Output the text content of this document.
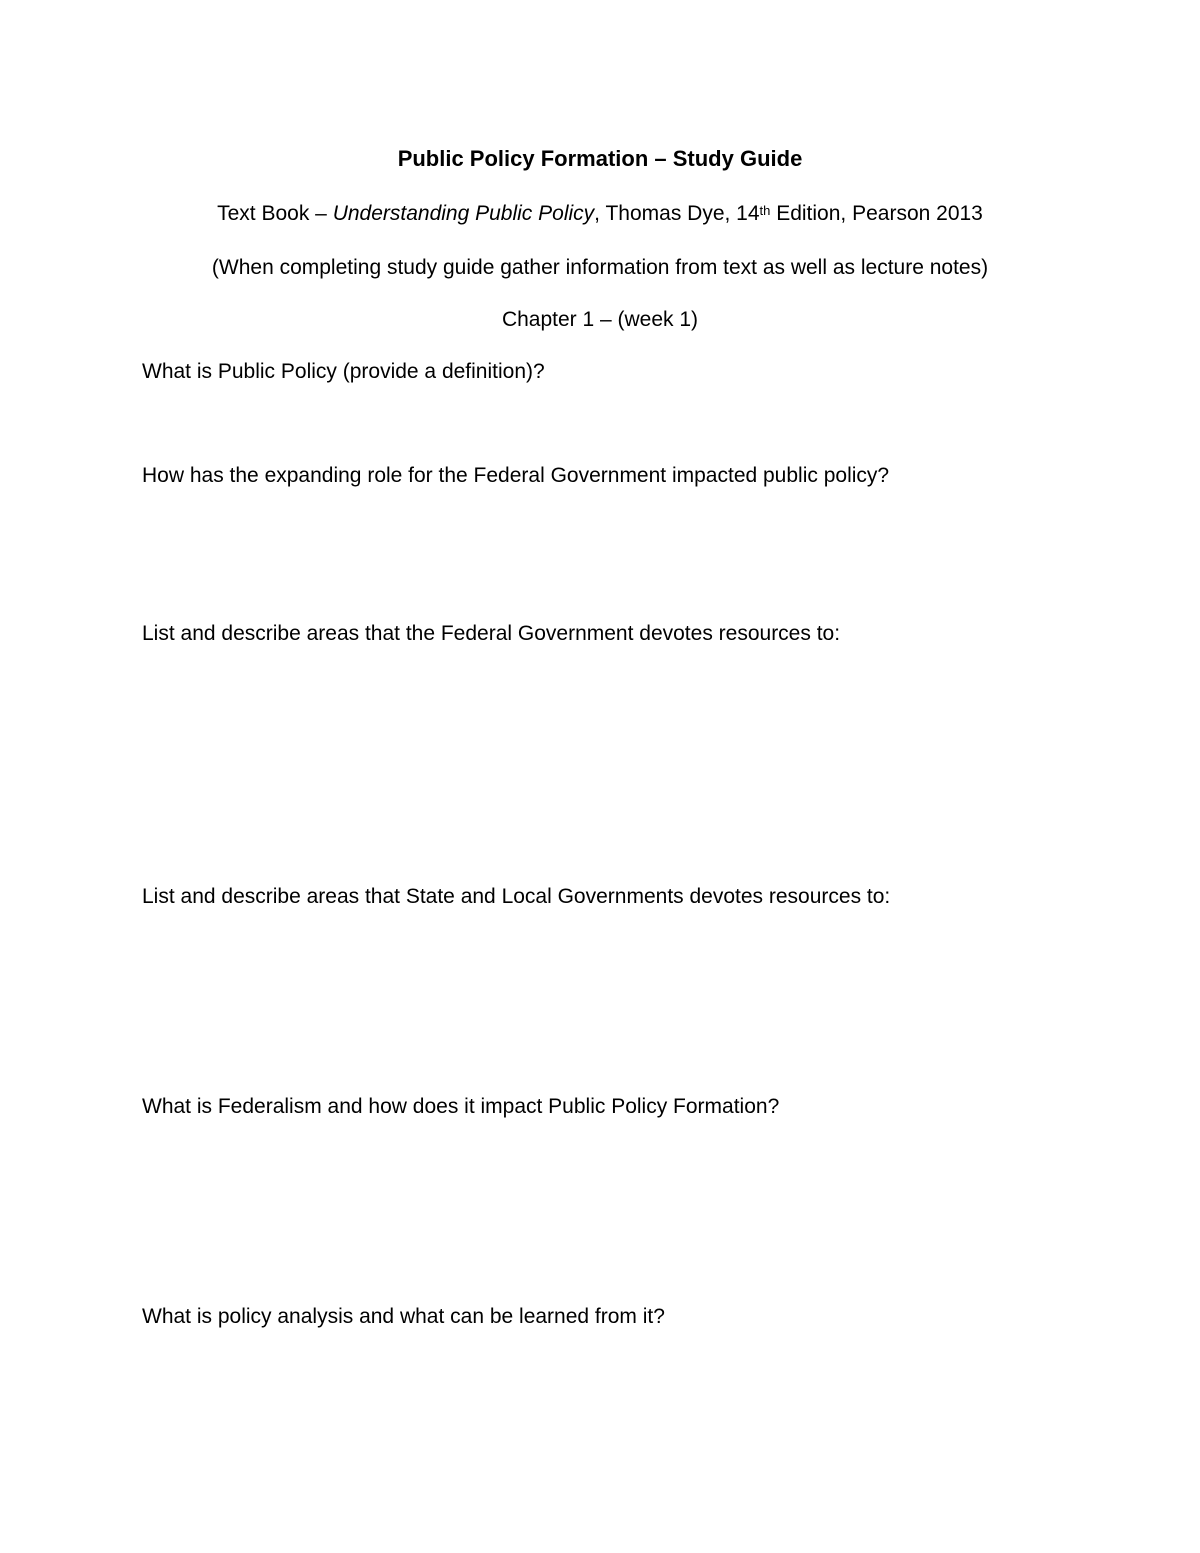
Public Policy Formation – Study Guide
Text Book – Understanding Public Policy, Thomas Dye, 14th Edition, Pearson 2013
(When completing study guide gather information from text as well as lecture notes)
Chapter 1 – (week 1)
What is Public Policy (provide a definition)?
How has the expanding role for the Federal Government impacted public policy?
List and describe areas that the Federal Government devotes resources to:
List and describe areas that State and Local Governments devotes resources to:
What is Federalism and how does it impact Public Policy Formation?
What is policy analysis and what can be learned from it?
